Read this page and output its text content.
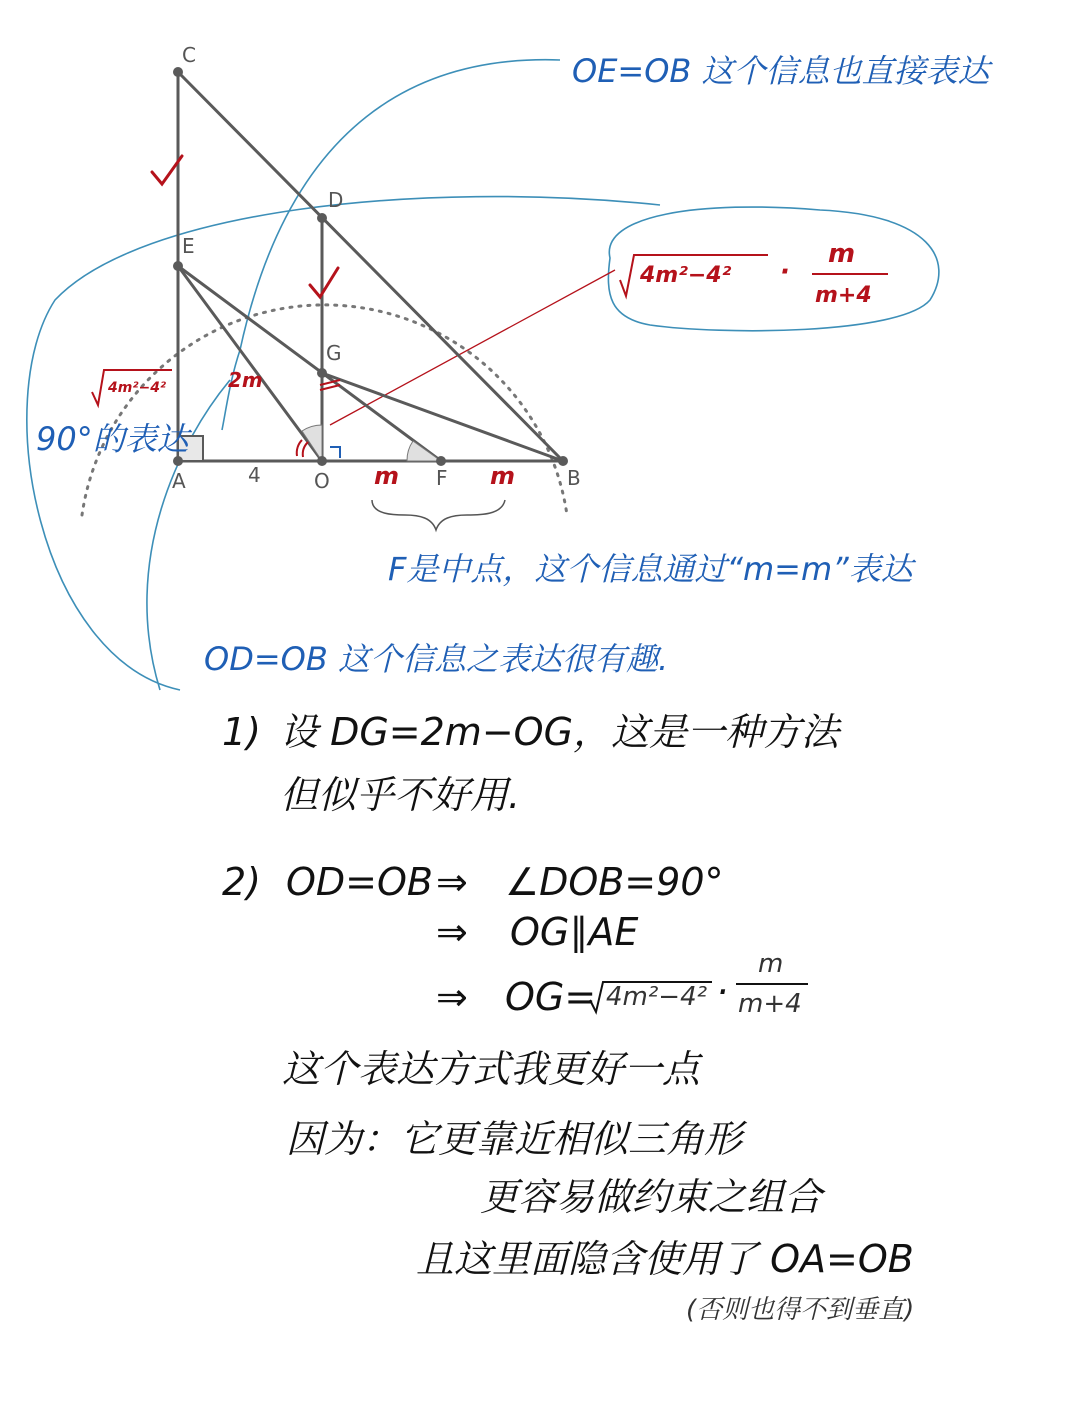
C
D
E
G
A	O	F	B
4	m	m
2m
4m²−4²
4m²−4² ·
m
m+4
OE=OB 这个信息也直接表达
90°的表达
F是中点，这个信息通过“m=m”表达
OD=OB 这个信息之表达很有趣.
1) 设 DG=2m−OG，这是一种方法
但似乎不好用.
2) OD=OB ⇒ ∠DOB=90°
⇒ OG∥AE
⇒ OG= 4m²−4² ·
m
m+4
这个表达方式我更好一点
因为：它更靠近相似三角形
更容易做约束之组合
且这里面隐含使用了 OA=OB
(否则也得不到垂直)
